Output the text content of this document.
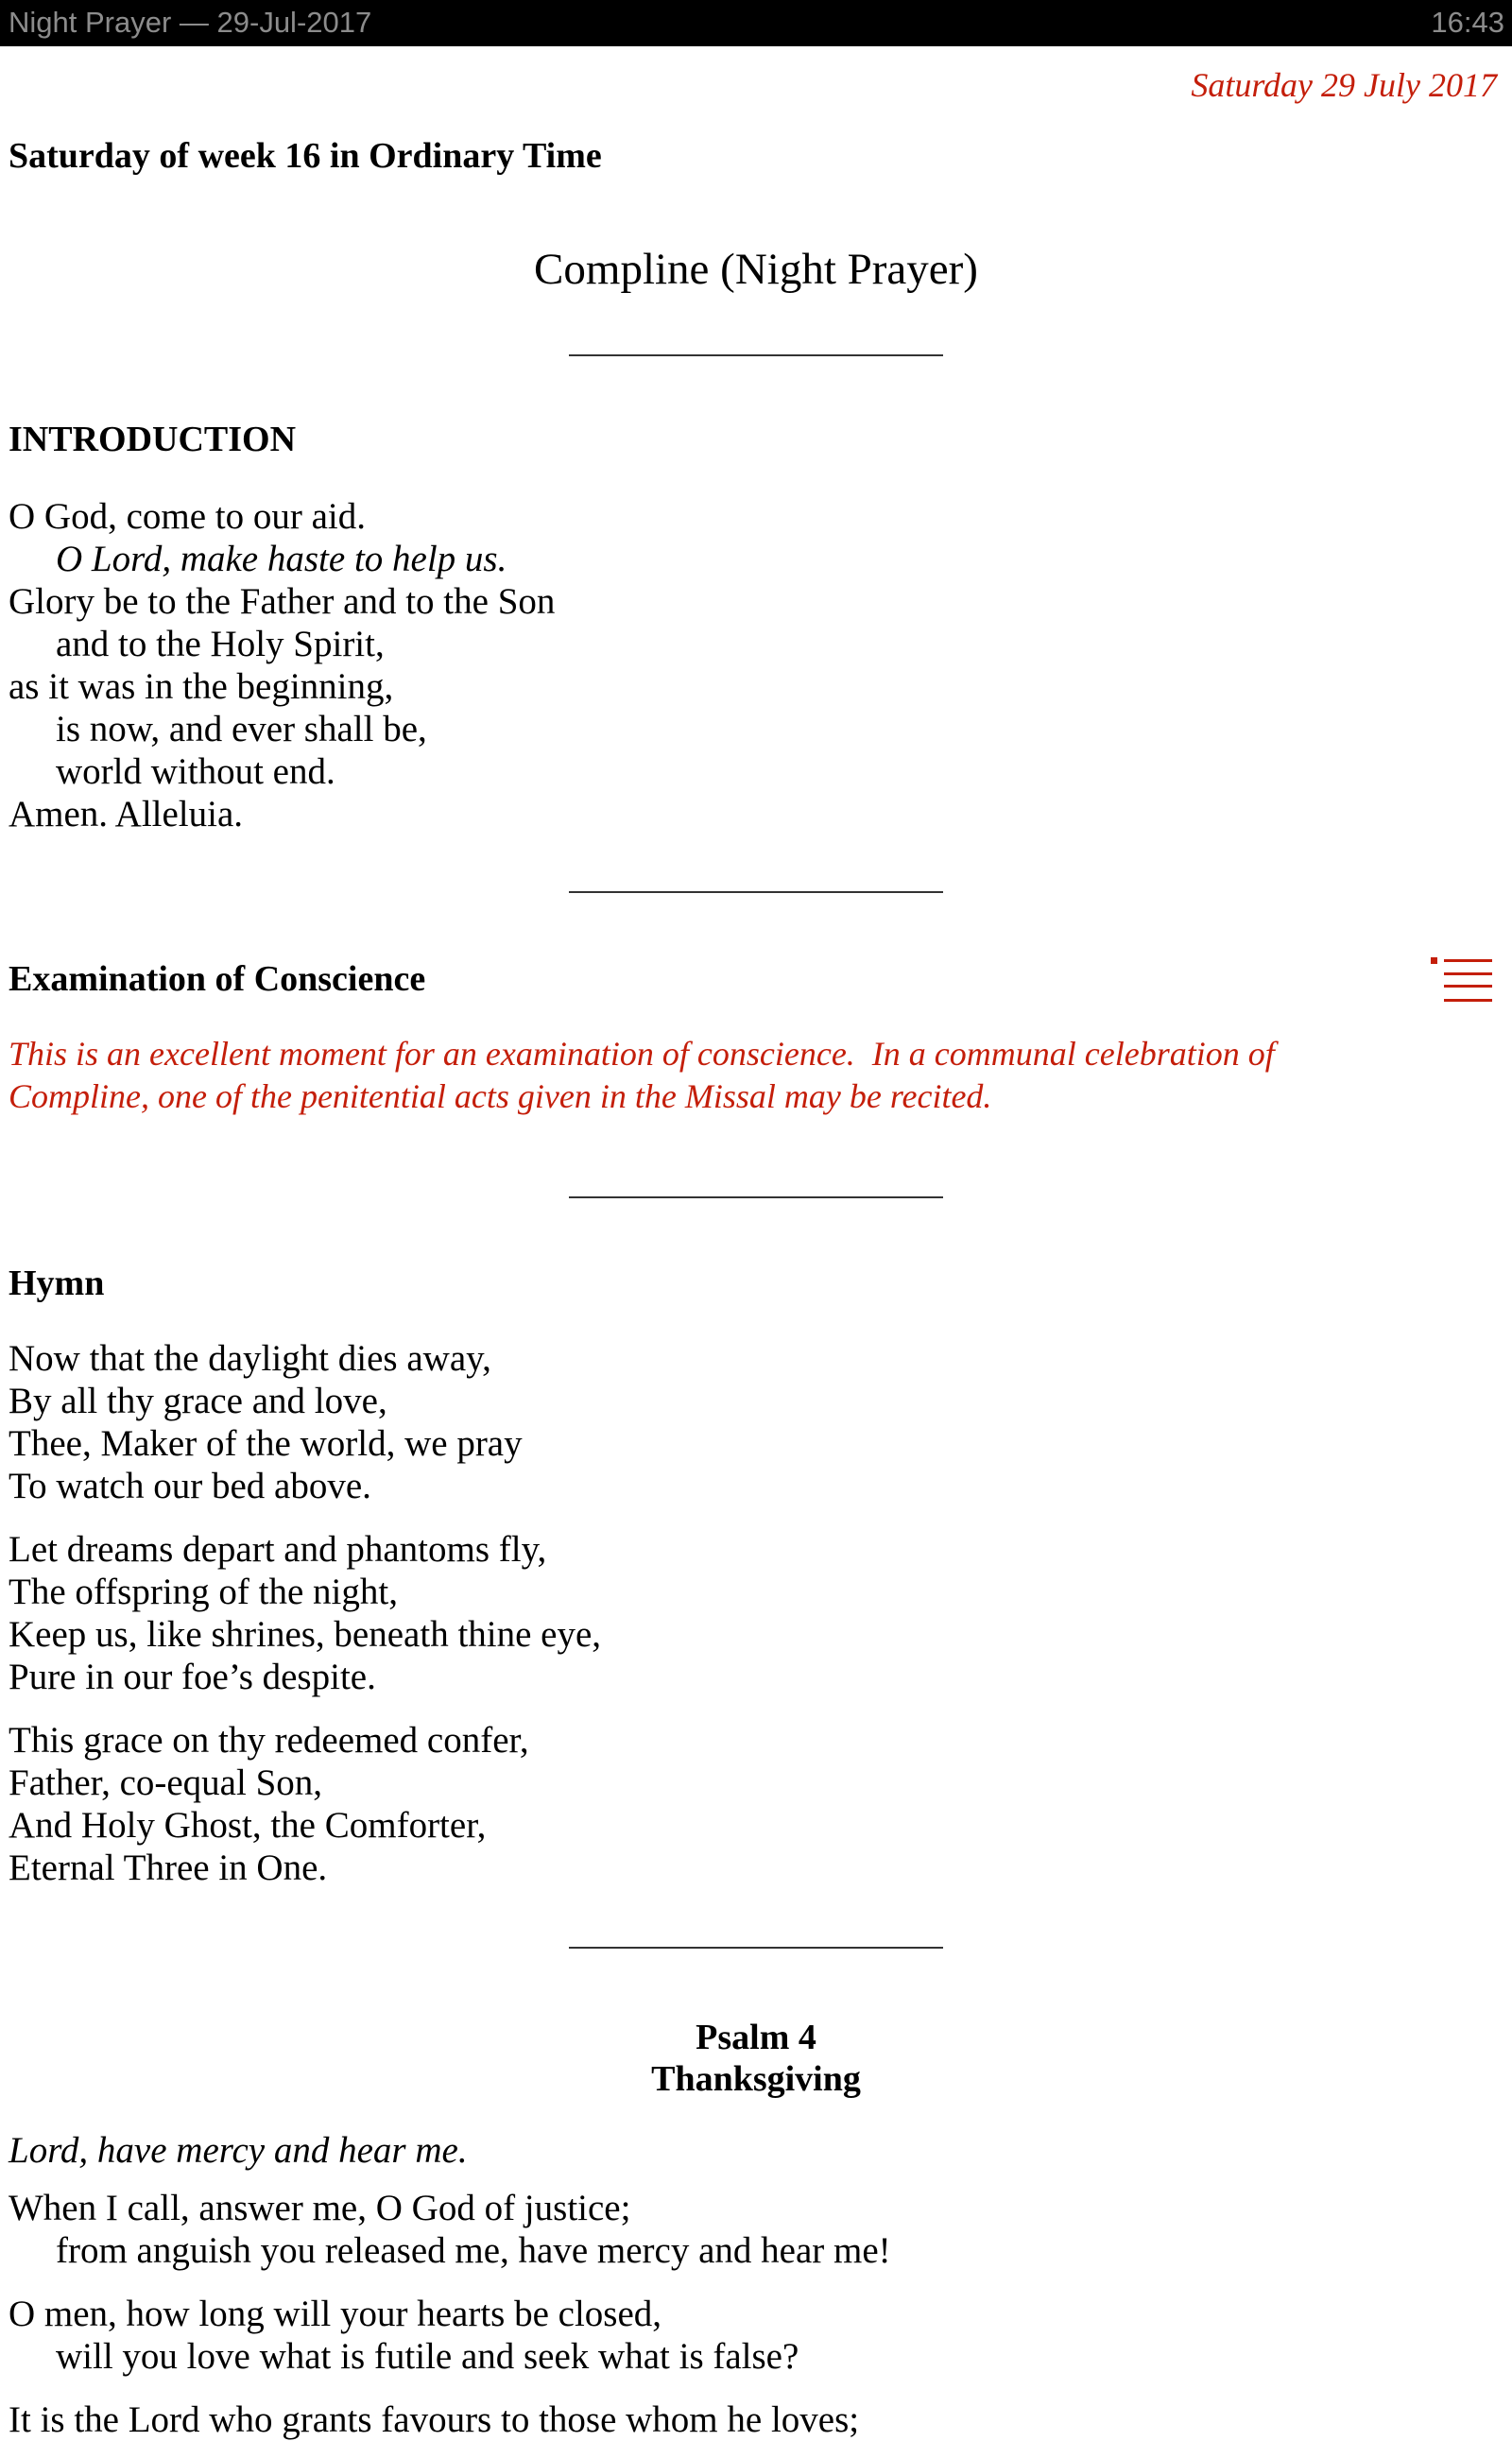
Night Prayer — 29-Jul-2017	16:43
Saturday 29 July 2017
Saturday of week 16 in Ordinary Time
Compline (Night Prayer)
INTRODUCTION
O God, come to our aid.
O Lord, make haste to help us.
Glory be to the Father and to the Son
and to the Holy Spirit,
as it was in the beginning,
is now, and ever shall be,
world without end.
Amen. Alleluia.
Examination of Conscience
This is an excellent moment for an examination of conscience.  In a communal celebration of
Compline, one of the penitential acts given in the Missal may be recited.
Hymn
Now that the daylight dies away,
By all thy grace and love,
Thee, Maker of the world, we pray
To watch our bed above.
Let dreams depart and phantoms fly,
The offspring of the night,
Keep us, like shrines, beneath thine eye,
Pure in our foe’s despite.
This grace on thy redeemed confer,
Father, co-equal Son,
And Holy Ghost, the Comforter,
Eternal Three in One.
Psalm 4
Thanksgiving
Lord, have mercy and hear me.
When I call, answer me, O God of justice;
from anguish you released me, have mercy and hear me!
O men, how long will your hearts be closed,
will you love what is futile and seek what is false?
It is the Lord who grants favours to those whom he loves;
